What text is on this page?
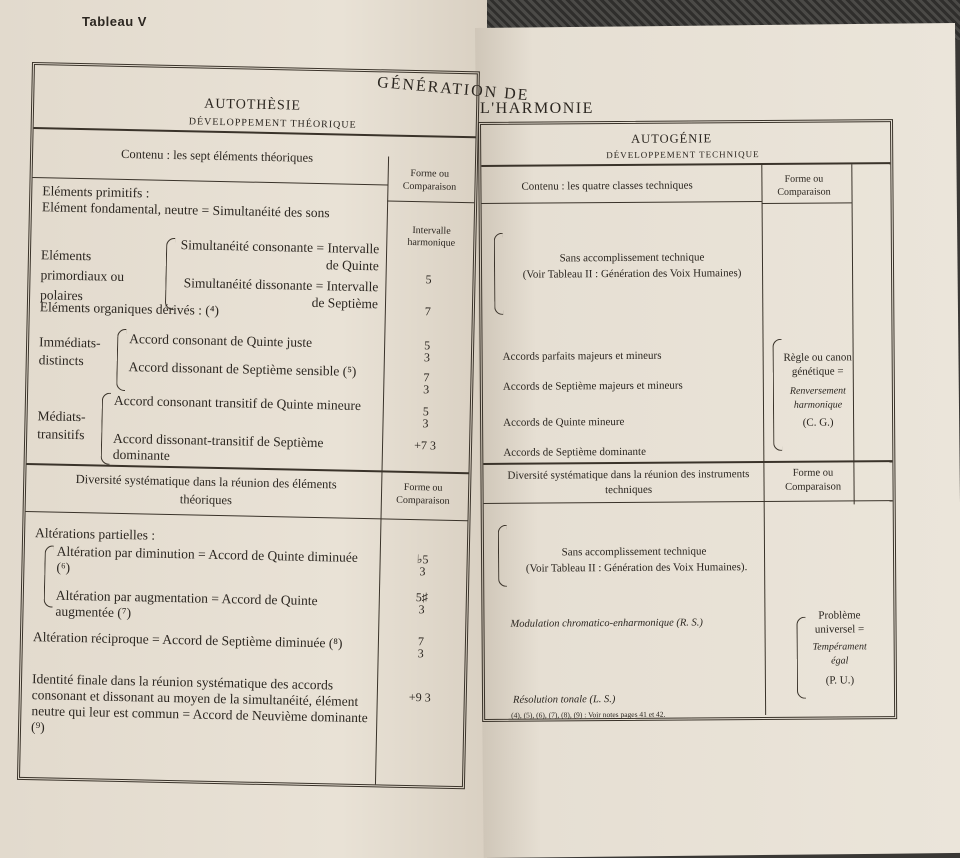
Tableau V
GÉNÉRATION DE
L'HARMONIE
AUTOTHÈSIE
DÉVELOPPEMENT THÉORIQUE
Contenu : les sept éléments théoriques
Forme ou Comparaison
Eléments primitifs :
Elément fondamental, neutre = Simultanéité des sons
Intervalle harmonique
Eléments primordiaux ou polaires
Simultanéité consonante = Intervalle de Quinte
Simultanéité dissonante = Intervalle de Septième
5
7
Eléments organiques dérivés : (⁴)
Immédiats-distincts
Accord consonant de Quinte juste
Accord dissonant de Septième sensible (⁵)
5 3
7 3
Médiats-transitifs
Accord consonant transitif de Quinte mineure
Accord dissonant-transitif de Septième dominante
5 3
+7 3
Diversité systématique dans la réunion des éléments théoriques
Forme ou Comparaison
Altérations partielles :
Altération par diminution = Accord de Quinte diminuée (⁶)
♭5 3
Altération par augmentation = Accord de Quinte augmentée (⁷)
5♯ 3
Altération réciproque = Accord de Septième diminuée (⁸)	7 3
Identité finale dans la réunion systématique des accords consonant et dissonant au moyen de la simultanéité, élément neutre qui leur est commun = Accord de Neuvième dominante (⁹)
+9 3
AUTOGÉNIE
DÉVELOPPEMENT TECHNIQUE
Contenu : les quatre classes techniques
Forme ou Comparaison
Sans accomplissement technique
(Voir Tableau II : Génération des Voix Humaines)
Accords parfaits majeurs et mineurs
Accords de Septième majeurs et mineurs
Accords de Quinte mineure
Accords de Septième dominante
Règle ou canon génétique =
Renversement harmonique
(C. G.)
Diversité systématique dans la réunion des instruments techniques
Forme ou Comparaison
Sans accomplissement technique
(Voir Tableau II : Génération des Voix Humaines).
Modulation chromatico-enharmonique (R. S.)
Résolution tonale (L. S.)
Problème universel =
Tempérament égal
(P. U.)
(4), (5), (6), (7), (8), (9) : Voir notes pages 41 et 42.
